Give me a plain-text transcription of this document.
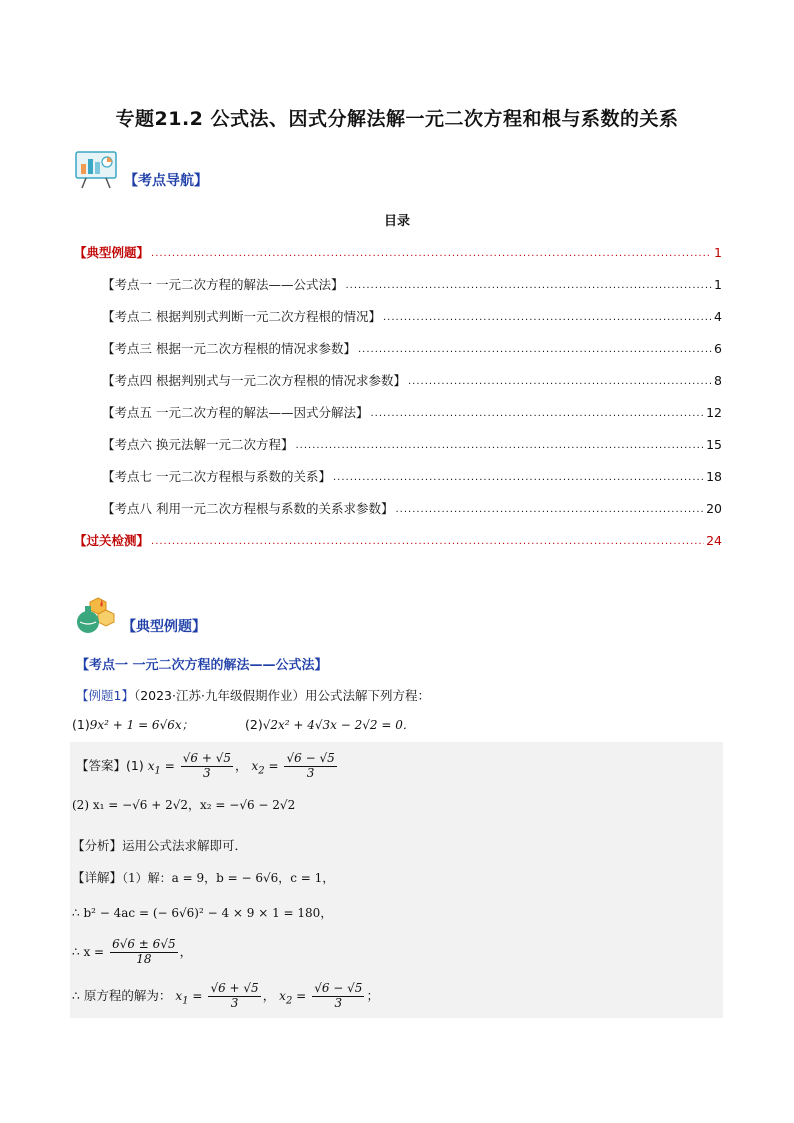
专题21.2 公式法、因式分解法解一元二次方程和根与系数的关系
【考点导航】
目录
【典型例题】 .....	1
【考点一 一元二次方程的解法——公式法】 .....	1
【考点二 根据判别式判断一元二次方程根的情况】 .....	4
【考点三 根据一元二次方程根的情况求参数】 .....	6
【考点四 根据判别式与一元二次方程根的情况求参数】 .....	8
【考点五 一元二次方程的解法——因式分解法】 .....	12
【考点六 换元法解一元二次方程】 .....	15
【考点七 一元二次方程根与系数的关系】 .....	18
【考点八 利用一元二次方程根与系数的关系求参数】 .....	20
【过关检测】 .....	24
【典型例题】
【考点一 一元二次方程的解法——公式法】
【例题1】（2023·江苏·九年级假期作业）用公式法解下列方程：
(1)9x² + 1 = 6√6x；	(2)√2x² + 4√3x − 2√2 = 0．
【答案】(1) $x_1 = \frac{√6 + √5}{3}$ ， $x_2 = \frac{√6 - √5}{3}$
(2) x₁ = −√6 + 2√2，x₂ = −√6 − 2√2
【分析】运用公式法求解即可．
【详解】（1）解：a = 9，b = − 6√6，c = 1，
∴ b² − 4ac = (− 6√6)² − 4 × 9 × 1 = 180，
∴ $x = \frac{6√6 \pm 6√5}{18}$ ，
∴ 原方程的解为： $x_1 = \frac{√6 + √5}{3}$ ， $x_2 = \frac{√6 - √5}{3}$ ；
